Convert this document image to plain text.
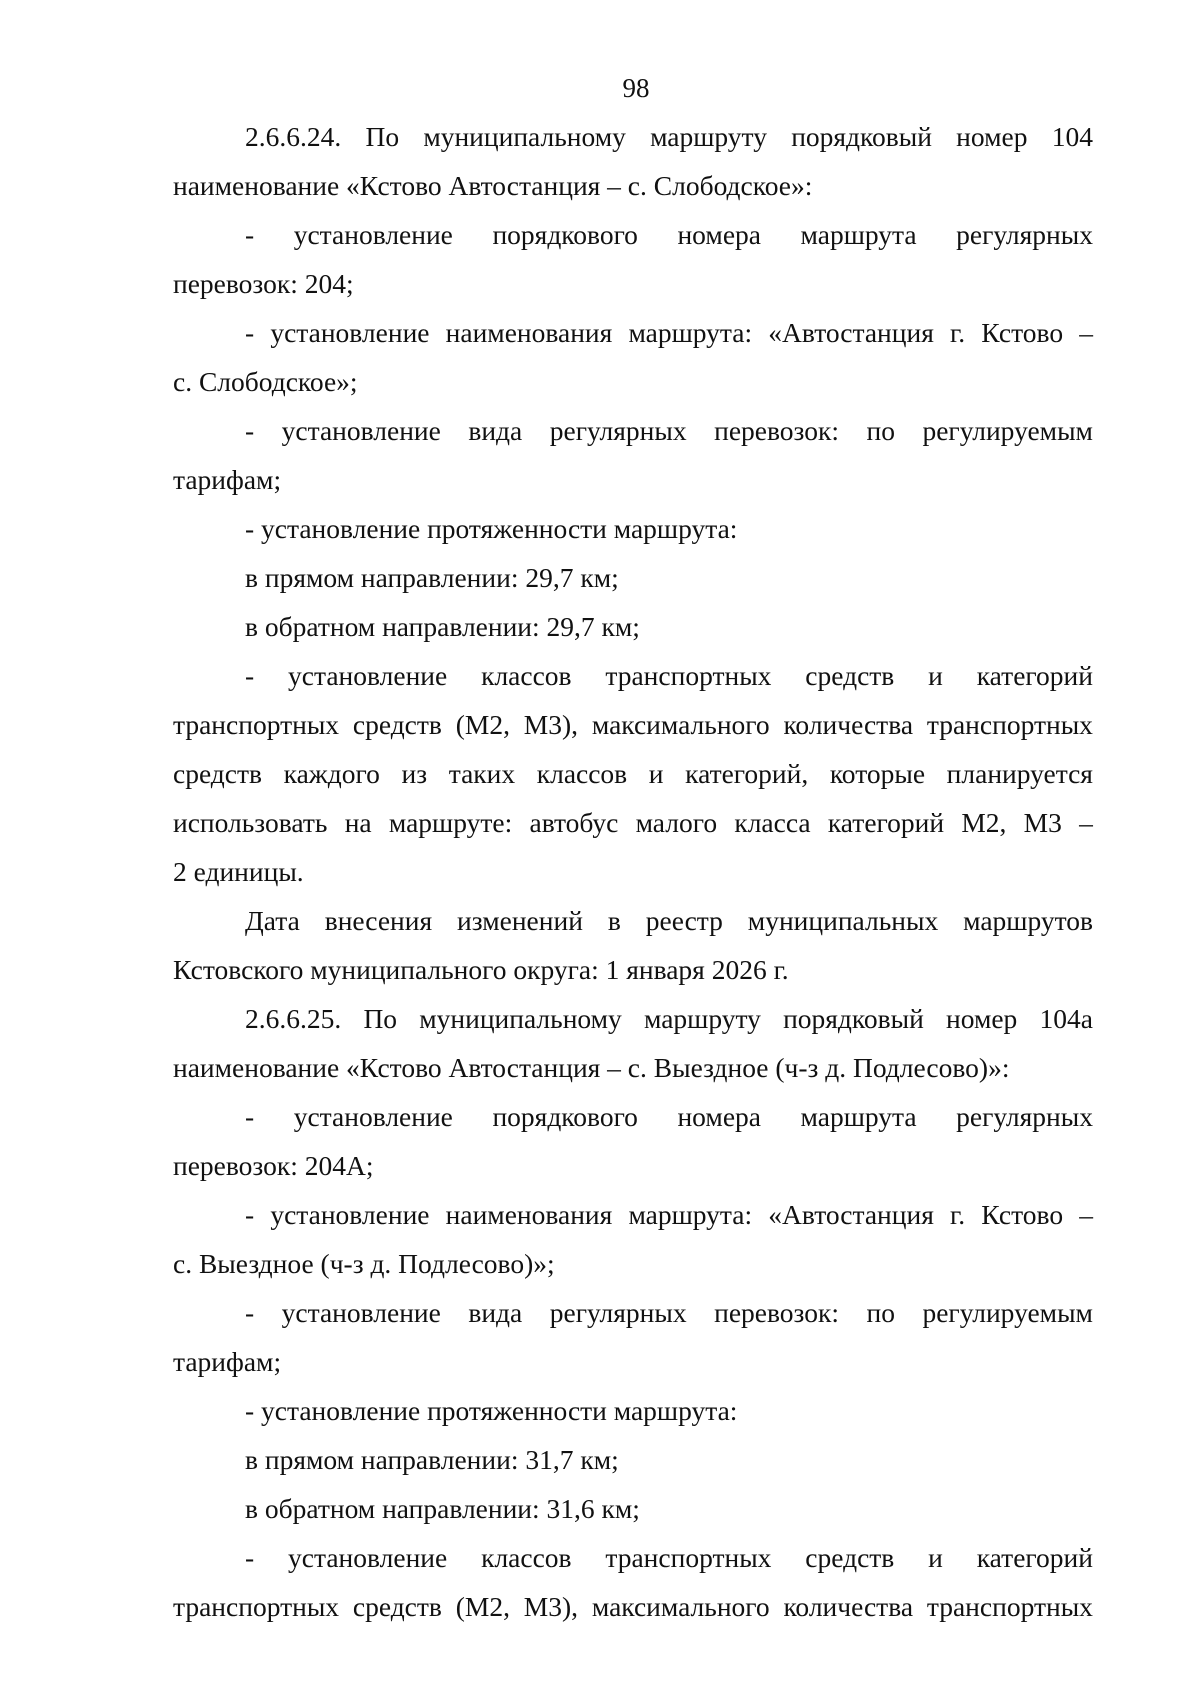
98
2.6.6.24. По муниципальному маршруту порядковый номер 104
наименование «Кстово Автостанция – с. Слободское»:
- установление порядкового номера маршрута регулярных
перевозок: 204;
- установление наименования маршрута: «Автостанция г. Кстово –
с. Слободское»;
- установление вида регулярных перевозок: по регулируемым
тарифам;
- установление протяженности маршрута:
в прямом направлении: 29,7 км;
в обратном направлении: 29,7 км;
- установление классов транспортных средств и категорий
транспортных средств (М2, М3), максимального количества транспортных
средств каждого из таких классов и категорий, которые планируется
использовать на маршруте: автобус малого класса категорий М2, М3 –
2 единицы.
Дата внесения изменений в реестр муниципальных маршрутов
Кстовского муниципального округа: 1 января 2026 г.
2.6.6.25. По муниципальному маршруту порядковый номер 104а
наименование «Кстово Автостанция – с. Выездное (ч-з д. Подлесово)»:
- установление порядкового номера маршрута регулярных
перевозок: 204А;
- установление наименования маршрута: «Автостанция г. Кстово –
с. Выездное (ч-з д. Подлесово)»;
- установление вида регулярных перевозок: по регулируемым
тарифам;
- установление протяженности маршрута:
в прямом направлении: 31,7 км;
в обратном направлении: 31,6 км;
- установление классов транспортных средств и категорий
транспортных средств (М2, М3), максимального количества транспортных
